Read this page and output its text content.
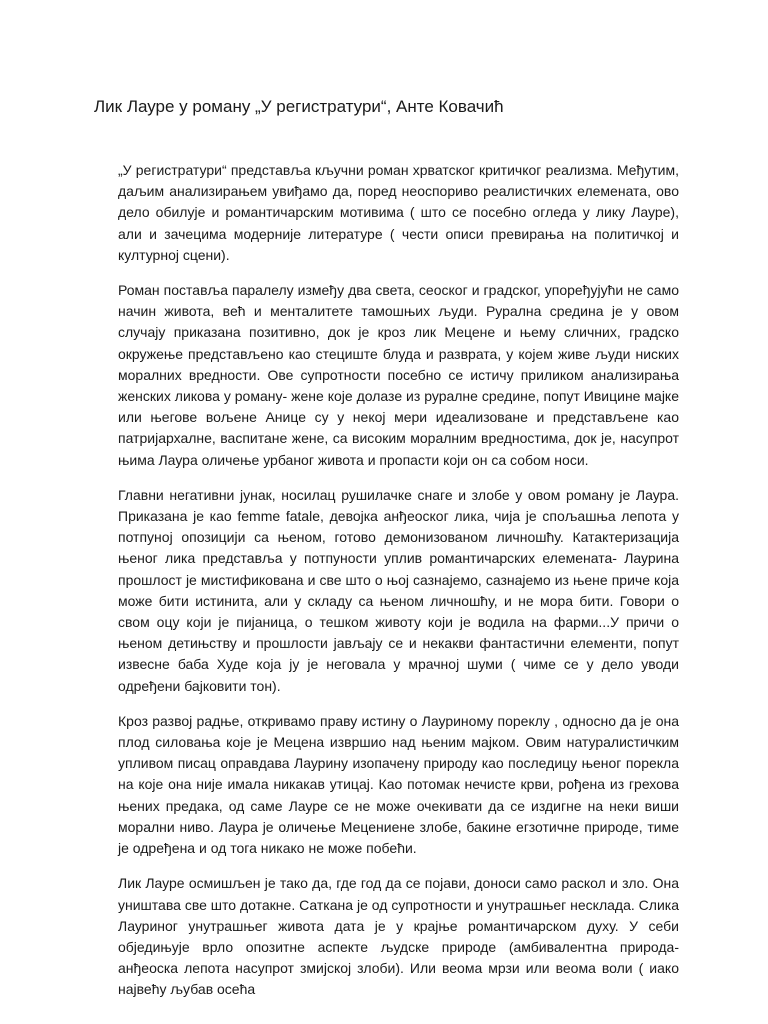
Лик Лауре у роману „У регистратури“, Анте Ковачић

„У регистратури“ представља кључни роман хрватског критичког реализма. Међутим, даљим анализирањем увиђамо да, поред неоспориво реалистичких елемената, ово дело обилује и романтичарским мотивима ( што се посебно огледа у лику Лауре), али и зачецима модерније литературе ( чести описи превирања на политичкој и културној сцени).

Роман поставља паралелу између два света, сеоског и градског, упоређујући не само начин живота, већ и менталитете тамошњих људи. Рурална средина је у овом случају приказана позитивно, док је кроз лик Мецене и њему сличних, градско окружење представљено као стециште блуда и разврата, у којем живе људи ниских моралних вредности. Ове супротности посебно се истичу приликом анализирања женских ликова у роману- жене које долазе из руралне средине, попут Ивицине мајке или његове вољене Анице су у некој мери идеализоване и представљене као патријархалне, васпитане жене, са високим моралним вредностима, док је, насупрот њима Лаура оличење урбаног живота и пропасти који он са собом носи.

Главни негативни јунак, носилац рушилачке снаге и злобе у овом роману је Лаура. Приказана је као femme fatale, девојка анђеоског лика, чија је спољашња лепота у потпуној опозицији са њеном, готово демонизованом личношћу. Катактеризација њеног лика представља у потпуности уплив романтичарских елемената- Лаурина прошлост је мистификована и све што о њој сазнајемо, сазнајемо из њене приче која може бити истинита, али у складу са њеном личношћу, и не мора бити. Говори о свом оцу који је пијаница, о тешком животу који је водила на фарми...У причи о њеном детињству и прошлости јављају се и некакви фантастични елементи, попут извесне баба Худе која ју је неговала у мрачној шуми ( чиме се у дело уводи одређени бајковити тон).

Кроз развој радње, откривамо праву истину о Лауриному пореклу , односно да је она плод силовања које је Мецена извршио над њеним мајком. Овим натуралистичким упливом писац оправдава Лаурину изопачену природу као последицу њеног порекла на које она није имала никакав утицај. Као потомак нечисте крви, рођена из грехова њених предака, од саме Лауре се не може очекивати да се издигне на неки виши морални ниво. Лаура је оличење Мецениене злобе, бакине егзотичне природе, тиме је одређена и од тога никако не може побећи.

Лик Лауре осмишљен је тако да, где год да се појави, доноси само раскол и зло. Она уништава све што дотакне. Саткана је од супротности и унутрашњег несклада. Слика Лауриног унутрашњег живота дата је у крајње романтичарском духу. У себи обједињује врло опозитне аспекте људске природе (амбивалентна природа- анђеоска лепота насупрот змијској злоби). Или веома мрзи или веома воли ( иако највећу љубав осећа
